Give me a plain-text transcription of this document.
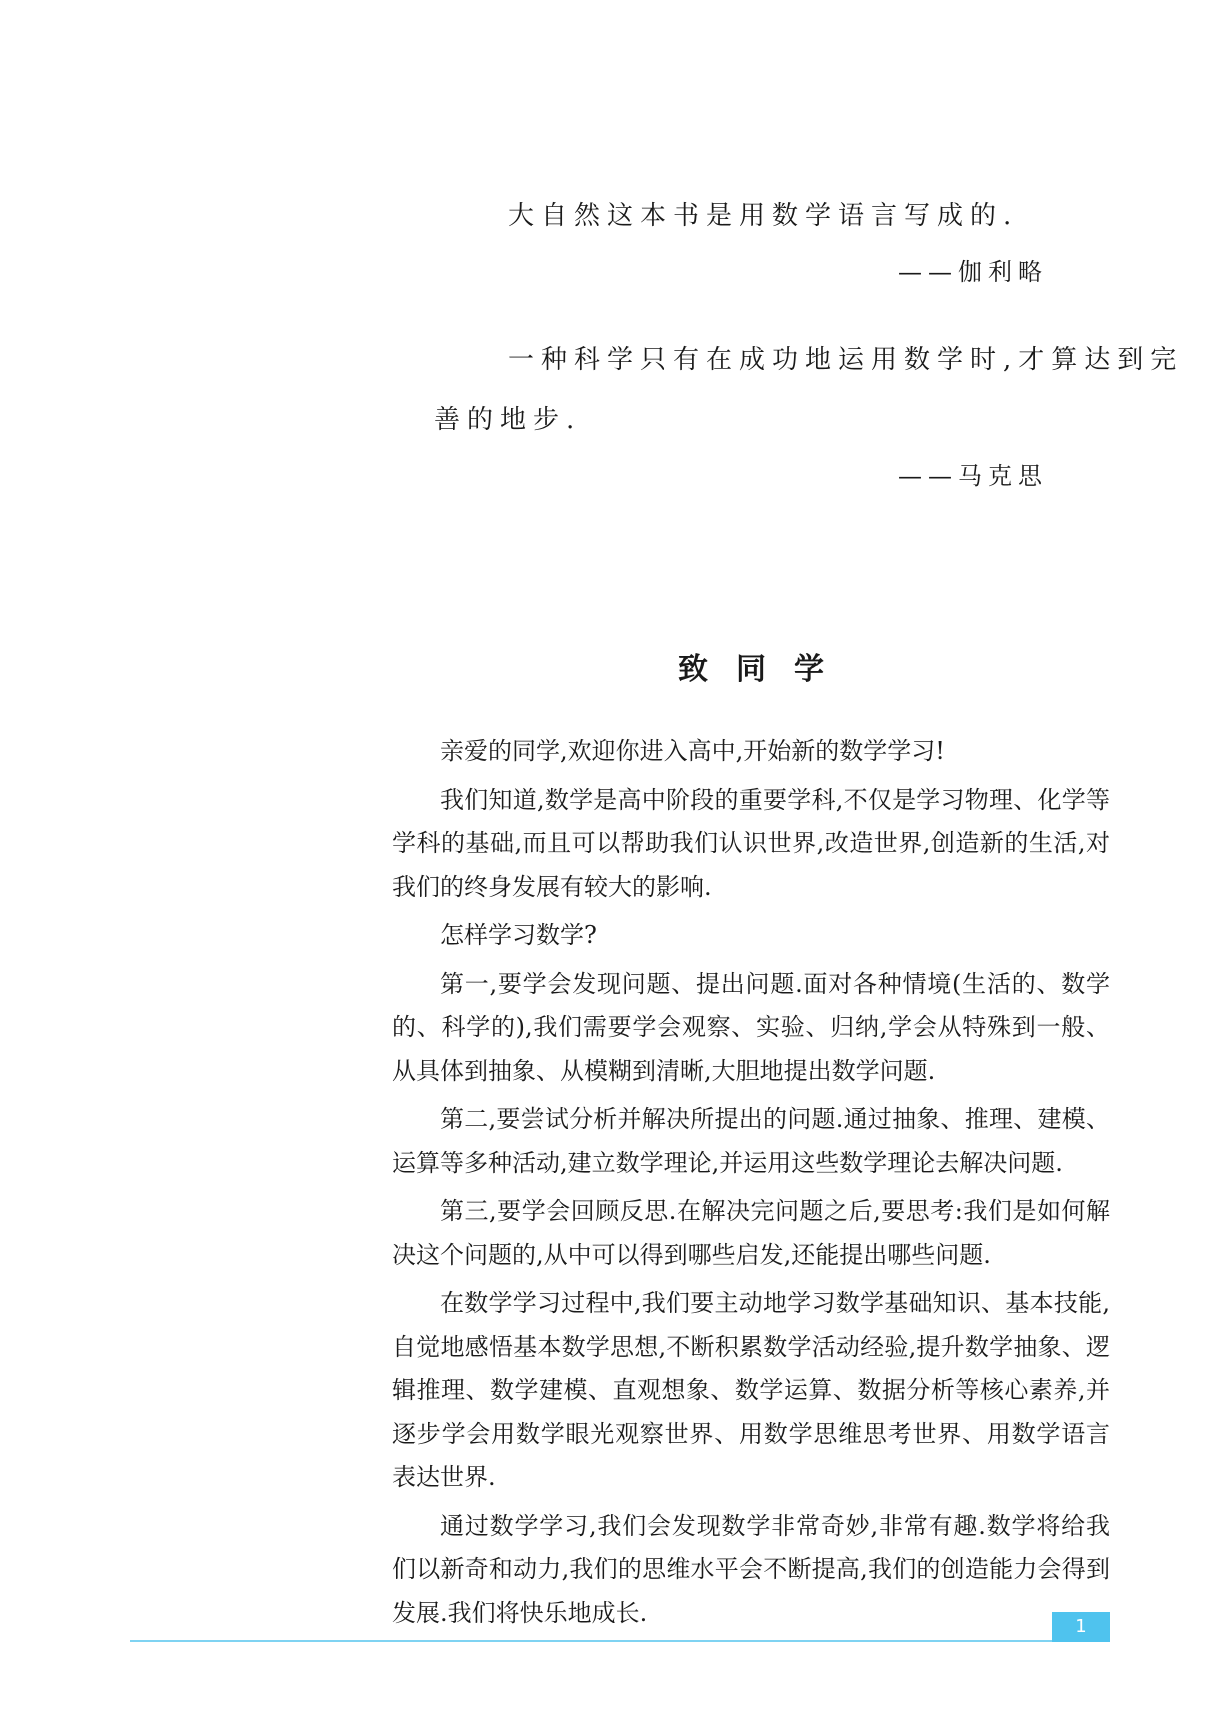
大自然这本书是用数学语言写成的.
——伽利略
一种科学只有在成功地运用数学时,才算达到完
善的地步.
——马克思
致同学

亲爱的同学,欢迎你进入高中,开始新的数学学习!

我们知道,数学是高中阶段的重要学科,不仅是学习物理、化学等学科的基础,而且可以帮助我们认识世界,改造世界,创造新的生活,对我们的终身发展有较大的影响.

怎样学习数学?

第一,要学会发现问题、提出问题.面对各种情境(生活的、数学的、科学的),我们需要学会观察、实验、归纳,学会从特殊到一般、从具体到抽象、从模糊到清晰,大胆地提出数学问题.

第二,要尝试分析并解决所提出的问题.通过抽象、推理、建模、运算等多种活动,建立数学理论,并运用这些数学理论去解决问题.

第三,要学会回顾反思.在解决完问题之后,要思考:我们是如何解决这个问题的,从中可以得到哪些启发,还能提出哪些问题.

在数学学习过程中,我们要主动地学习数学基础知识、基本技能,自觉地感悟基本数学思想,不断积累数学活动经验,提升数学抽象、逻辑推理、数学建模、直观想象、数学运算、数据分析等核心素养,并逐步学会用数学眼光观察世界、用数学思维思考世界、用数学语言表达世界.

通过数学学习,我们会发现数学非常奇妙,非常有趣.数学将给我们以新奇和动力,我们的思维水平会不断提高,我们的创造能力会得到发展.我们将快乐地成长.	1
